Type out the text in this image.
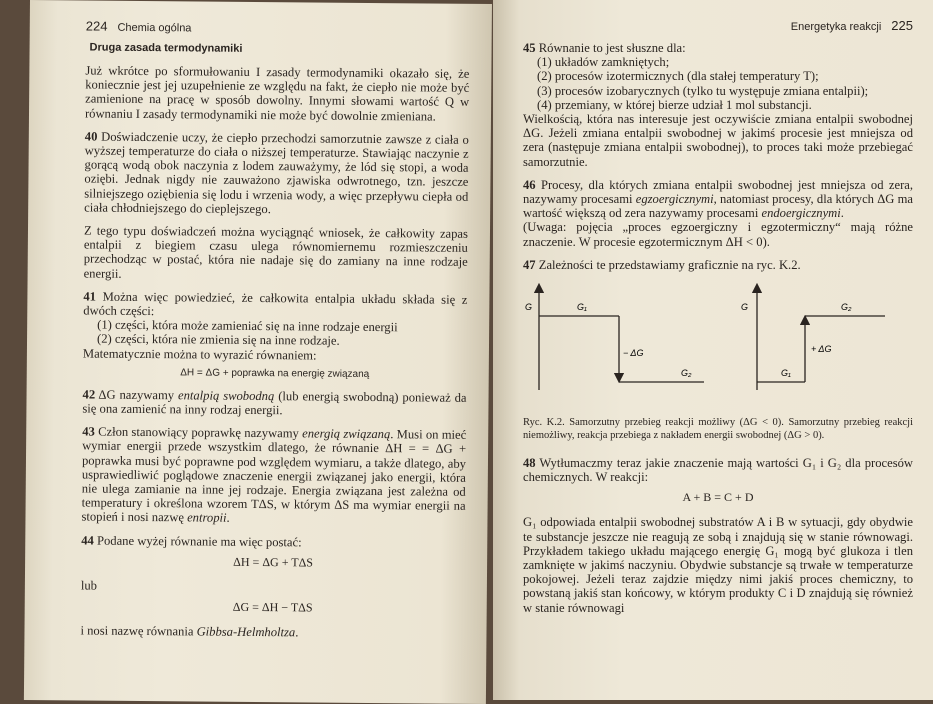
224 Chemia ogólna
Druga zasada termodynamiki

Już wkrótce po sformułowaniu I zasady termodynamiki okazało się, że koniecznie jest jej uzupełnienie ze względu na fakt, że ciepło nie może być zamienione na pracę w sposób dowolny. Innymi słowami wartość Q w równaniu I zasady termodynamiki nie może być dowolnie zmieniana.

40 Doświadczenie uczy, że ciepło przechodzi samorzutnie zawsze z ciała o wyższej temperaturze do ciała o niższej temperaturze. Stawiając naczynie z gorącą wodą obok naczynia z lodem zauważymy, że lód się stopi, a woda oziębi. Jednak nigdy nie zauważono zjawiska odwrotnego, tzn. jeszcze silniejszego oziębienia się lodu i wrzenia wody, a więc przepływu ciepła od ciała chłodniejszego do cieplejszego.

Z tego typu doświadczeń można wyciągnąć wniosek, że całkowity zapas entalpii z biegiem czasu ulega równomiernemu rozmieszczeniu przechodząc w postać, która nie nadaje się do zamiany na inne rodzaje energii.

41 Można więc powiedzieć, że całkowita entalpia układu składa się z dwóch części:

(1) części, która może zamieniać się na inne rodzaje energii
(2) części, która nie zmienia się na inne rodzaje.

Matematycznie można to wyrazić równaniem:

ΔH = ΔG + poprawka na energię związaną

42 ΔG nazywamy entalpią swobodną (lub energią swobodną) ponieważ da się ona zamienić na inny rodzaj energii.

43 Człon stanowiący poprawkę nazywamy energią związaną. Musi on mieć wymiar energii przede wszystkim dlatego, że równanie ΔH = = ΔG + poprawka musi być poprawne pod względem wymiaru, a także dlatego, aby usprawiedliwić poglądowe znaczenie energii związanej jako energii, która nie ulega zamianie na inne jej rodzaje. Energia związana jest zależna od temperatury i określona wzorem TΔS, w którym ΔS ma wymiar energii na stopień i nosi nazwę entropii.

44 Podane wyżej równanie ma więc postać:

ΔH = ΔG + TΔS

lub

ΔG = ΔH − TΔS

i nosi nazwę równania Gibbsa-Helmholtza.

Energetyka reakcji 225

45 Równanie to jest słuszne dla:

(1) układów zamkniętych;
(2) procesów izotermicznych (dla stałej temperatury T);
(3) procesów izobarycznych (tylko tu występuje zmiana entalpii);
(4) przemiany, w której bierze udział 1 mol substancji.

Wielkością, która nas interesuje jest oczywiście zmiana entalpii swobodnej ΔG. Jeżeli zmiana entalpii swobodnej w jakimś procesie jest mniejsza od zera (następuje zmiana entalpii swobodnej), to proces taki może przebiegać samorzutnie.

46 Procesy, dla których zmiana entalpii swobodnej jest mniejsza od zera, nazywamy procesami egzoergicznymi, natomiast procesy, dla których ΔG ma wartość większą od zera nazywamy procesami endoergicznymi.

(Uwaga: pojęcia „proces egzoergiczny i egzotermiczny“ mają różne znaczenie. W procesie egzotermicznym ΔH < 0).

47 Zależności te przedstawiamy graficznie na ryc. K.2.

G	G₁
− ΔG
G₂
G
G₁
+ ΔG
G₂

Ryc. K.2. Samorzutny przebieg reakcji możliwy (ΔG < 0). Samorzutny przebieg reakcji niemożliwy, reakcja przebiega z nakładem energii swobodnej (ΔG > 0).

48 Wytłumaczmy teraz jakie znaczenie mają wartości G₁ i G₂ dla procesów chemicznych. W reakcji:

A + B = C + D

G₁ odpowiada entalpii swobodnej substratów A i B w sytuacji, gdy obydwie te substancje jeszcze nie reagują ze sobą i znajdują się w stanie równowagi. Przykładem takiego układu mającego energię G₁ mogą być glukoza i tlen zamknięte w jakimś naczyniu. Obydwie substancje są trwałe w temperaturze pokojowej. Jeżeli teraz zajdzie między nimi jakiś proces chemiczny, to powstaną jakiś stan końcowy, w którym produkty C i D znajdują się również w stanie równowagi
